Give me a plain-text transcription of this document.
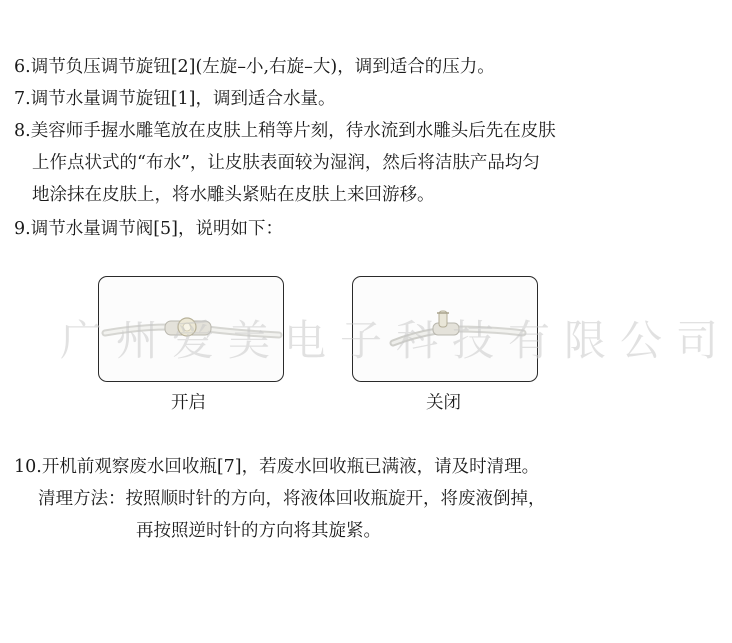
6.调节负压调节旋钮[2](左旋–小,右旋–大)，调到适合的压力。
7.调节水量调节旋钮[1]，调到适合水量。
8.美容师手握水雕笔放在皮肤上稍等片刻，待水流到水雕头后先在皮肤
上作点状式的“布水”，让皮肤表面较为湿润，然后将洁肤产品均匀
地涂抹在皮肤上，将水雕头紧贴在皮肤上来回游移。
9.调节水量调节阀[5]，说明如下：
开启	关闭
广州爱美电子科技有限公司
10.开机前观察废水回收瓶[7]，若废水回收瓶已满液，请及时清理。
清理方法：按照顺时针的方向，将液体回收瓶旋开，将废液倒掉，
再按照逆时针的方向将其旋紧。
